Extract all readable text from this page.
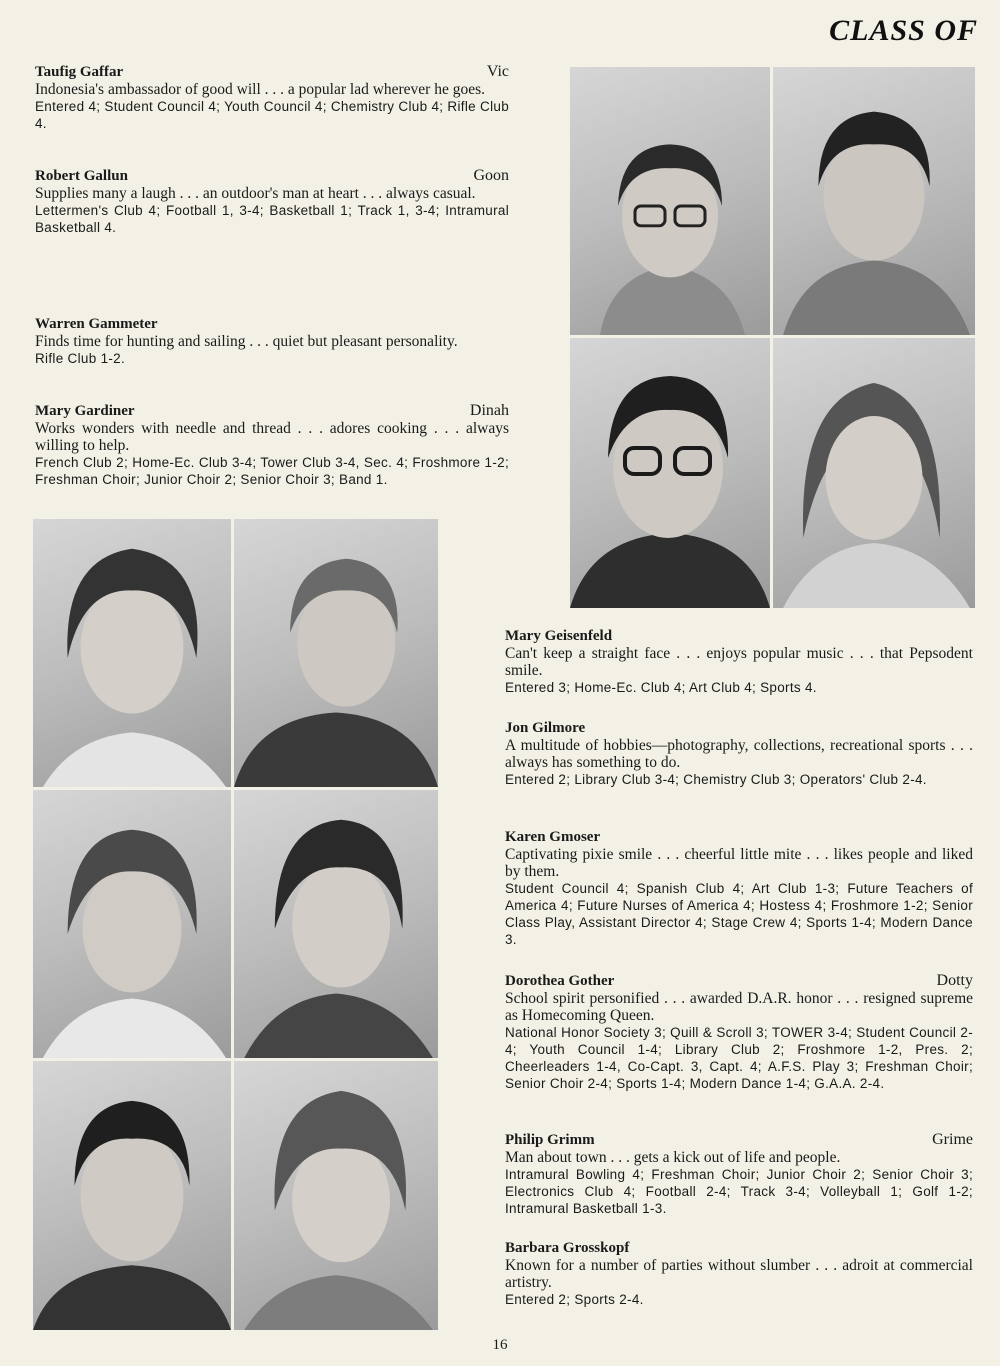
CLASS OF
Taufig Gaffar	Vic
Indonesia's ambassador of good will . . . a popular lad wherever he goes.
Entered 4; Student Council 4; Youth Council 4; Chemistry Club 4; Rifle Club 4.
Robert Gallun	Goon
Supplies many a laugh . . . an outdoor's man at heart . . . always casual.
Lettermen's Club 4; Football 1, 3-4; Basketball 1; Track 1, 3-4; Intramural Basketball 4.
Warren Gammeter
Finds time for hunting and sailing . . . quiet but pleasant personality.
Rifle Club 1-2.
Mary Gardiner	Dinah
Works wonders with needle and thread . . . adores cooking . . . always willing to help.
French Club 2; Home-Ec. Club 3-4; Tower Club 3-4, Sec. 4; Froshmore 1-2; Freshman Choir; Junior Choir 2; Senior Choir 3; Band 1.
Mary Geisenfeld
Can't keep a straight face . . . enjoys popular music . . . that Pepsodent smile.
Entered 3; Home-Ec. Club 4; Art Club 4; Sports 4.
Jon Gilmore
A multitude of hobbies—photography, collections, recreational sports . . . always has something to do.
Entered 2; Library Club 3-4; Chemistry Club 3; Operators' Club 2-4.
Karen Gmoser
Captivating pixie smile . . . cheerful little mite . . . likes people and liked by them.
Student Council 4; Spanish Club 4; Art Club 1-3; Future Teachers of America 4; Future Nurses of America 4; Hostess 4; Froshmore 1-2; Senior Class Play, Assistant Director 4; Stage Crew 4; Sports 1-4; Modern Dance 3.
Dorothea Gother	Dotty
School spirit personified . . . awarded D.A.R. honor . . . resigned supreme as Homecoming Queen.
National Honor Society 3; Quill & Scroll 3; TOWER 3-4; Student Council 2-4; Youth Council 1-4; Library Club 2; Froshmore 1-2, Pres. 2; Cheerleaders 1-4, Co-Capt. 3, Capt. 4; A.F.S. Play 3; Freshman Choir; Senior Choir 2-4; Sports 1-4; Modern Dance 1-4; G.A.A. 2-4.
Philip Grimm	Grime
Man about town . . . gets a kick out of life and people.
Intramural Bowling 4; Freshman Choir; Junior Choir 2; Senior Choir 3; Electronics Club 4; Football 2-4; Track 3-4; Volleyball 1; Golf 1-2; Intramural Basketball 1-3.
Barbara Grosskopf
Known for a number of parties without slumber . . . adroit at commercial artistry.
Entered 2; Sports 2-4.
16
